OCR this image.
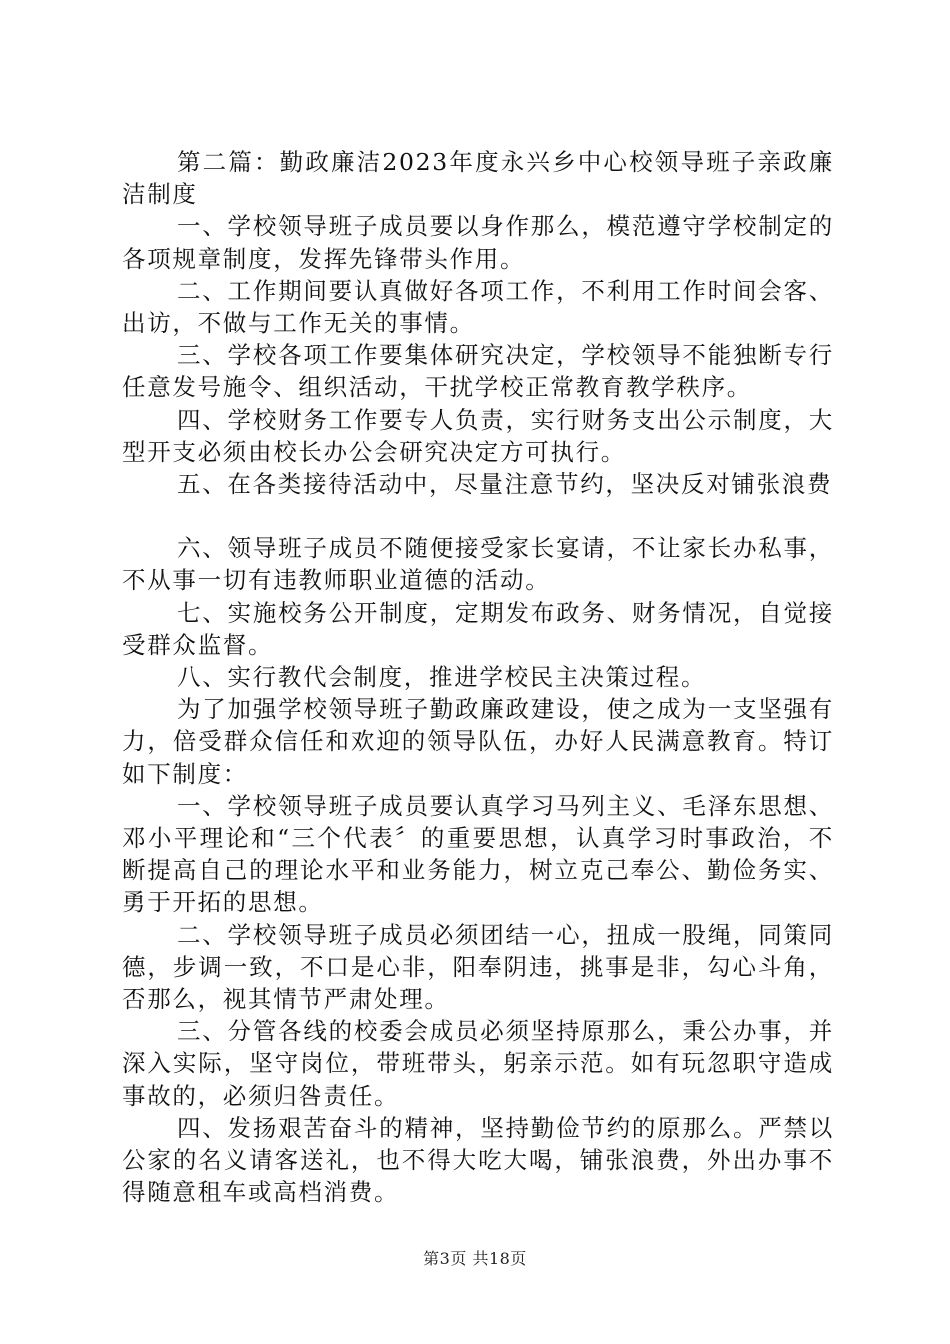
第二篇：勤政廉洁2023年度永兴乡中心校领导班子亲政廉洁制度

一、学校领导班子成员要以身作那么，模范遵守学校制定的各项规章制度，发挥先锋带头作用。

二、工作期间要认真做好各项工作，不利用工作时间会客、出访，不做与工作无关的事情。

三、学校各项工作要集体研究决定，学校领导不能独断专行任意发号施令、组织活动，干扰学校正常教育教学秩序。

四、学校财务工作要专人负责，实行财务支出公示制度，大型开支必须由校长办公会研究决定方可执行。

五、在各类接待活动中，尽量注意节约，坚决反对铺张浪费

六、领导班子成员不随便接受家长宴请，不让家长办私事，不从事一切有违教师职业道德的活动。

七、实施校务公开制度，定期发布政务、财务情况，自觉接受群众监督。

八、实行教代会制度，推进学校民主决策过程。

为了加强学校领导班子勤政廉政建设，使之成为一支坚强有力，倍受群众信任和欢迎的领导队伍，办好人民满意教育。特订如下制度：

一、学校领导班子成员要认真学习马列主义、毛泽东思想、邓小平理论和“三个代表〞的重要思想，认真学习时事政治，不断提高自己的理论水平和业务能力，树立克己奉公、勤俭务实、勇于开拓的思想。

二、学校领导班子成员必须团结一心，扭成一股绳，同策同德，步调一致，不口是心非，阳奉阴违，挑事是非，勾心斗角，否那么，视其情节严肃处理。

三、分管各线的校委会成员必须坚持原那么，秉公办事，并深入实际，坚守岗位，带班带头，躬亲示范。如有玩忽职守造成事故的，必须归咎责任。

四、发扬艰苦奋斗的精神，坚持勤俭节约的原那么。严禁以公家的名义请客送礼，也不得大吃大喝，铺张浪费，外出办事不得随意租车或高档消费。

第3页 共18页
